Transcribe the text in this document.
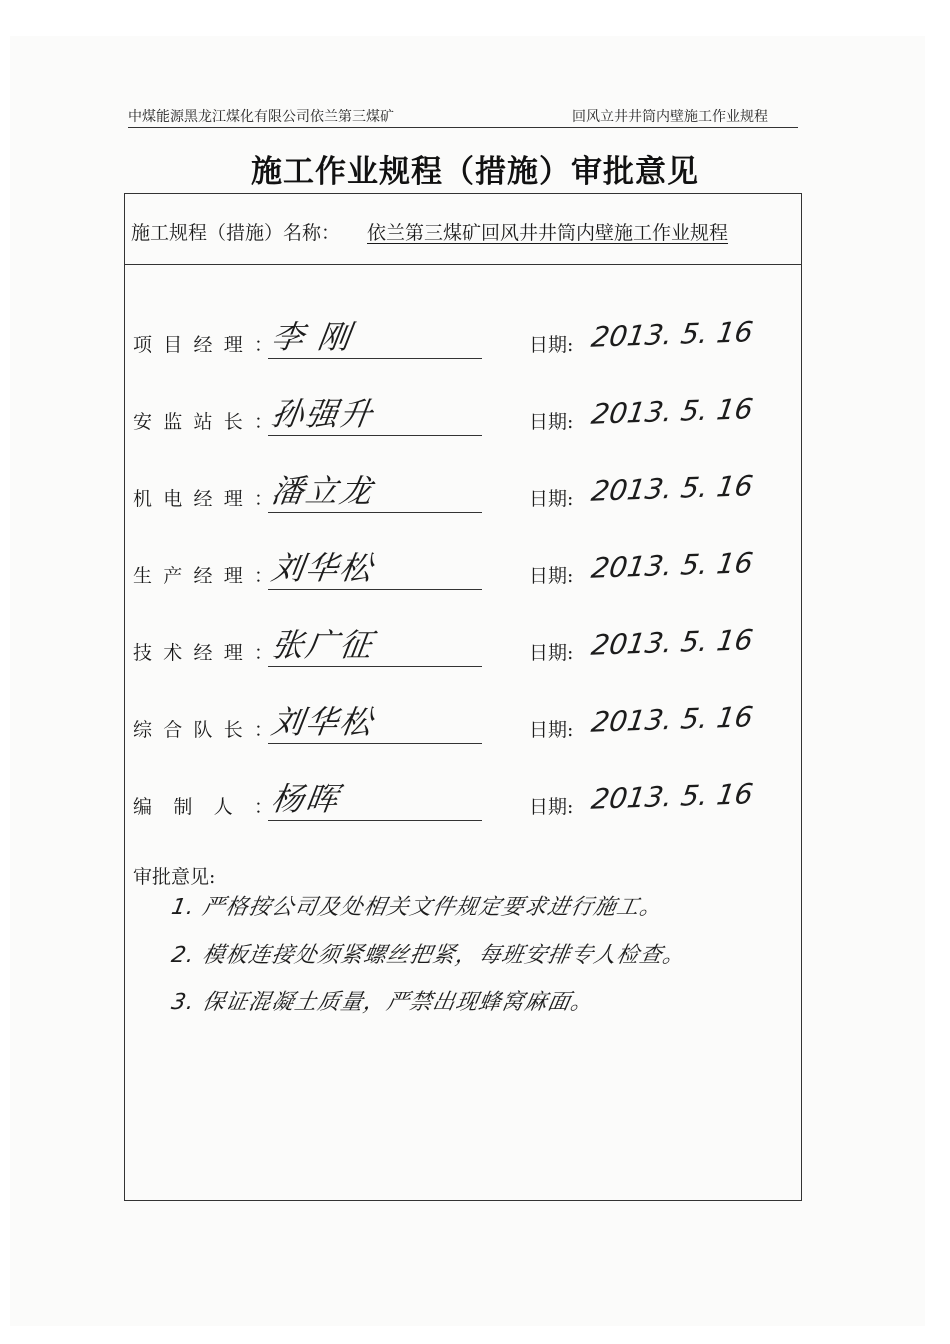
中煤能源黑龙江煤化有限公司依兰第三煤矿	回风立井井筒内壁施工作业规程
施工作业规程（措施）审批意见
施工规程（措施）名称： 依兰第三煤矿回风井井筒内壁施工作业规程
项 目 经 理 ：
李 刚	日期: 2013. 5. 16
安 监 站 长 ：
孙强升	日期: 2013. 5. 16
机 电 经 理 ：
潘立龙	日期: 2013. 5. 16
生 产 经 理 ：
刘华松	日期: 2013. 5. 16
技 术 经 理 ：
张广征	日期: 2013. 5. 16
综 合 队 长 ：
刘华松	日期: 2013. 5. 16
编 制 人 ：
杨晖	日期: 2013. 5. 16
审批意见:
1. 严格按公司及处相关文件规定要求进行施工。
2. 模板连接处须紧螺丝把紧，每班安排专人检查。
3. 保证混凝土质量，严禁出现蜂窝麻面。
